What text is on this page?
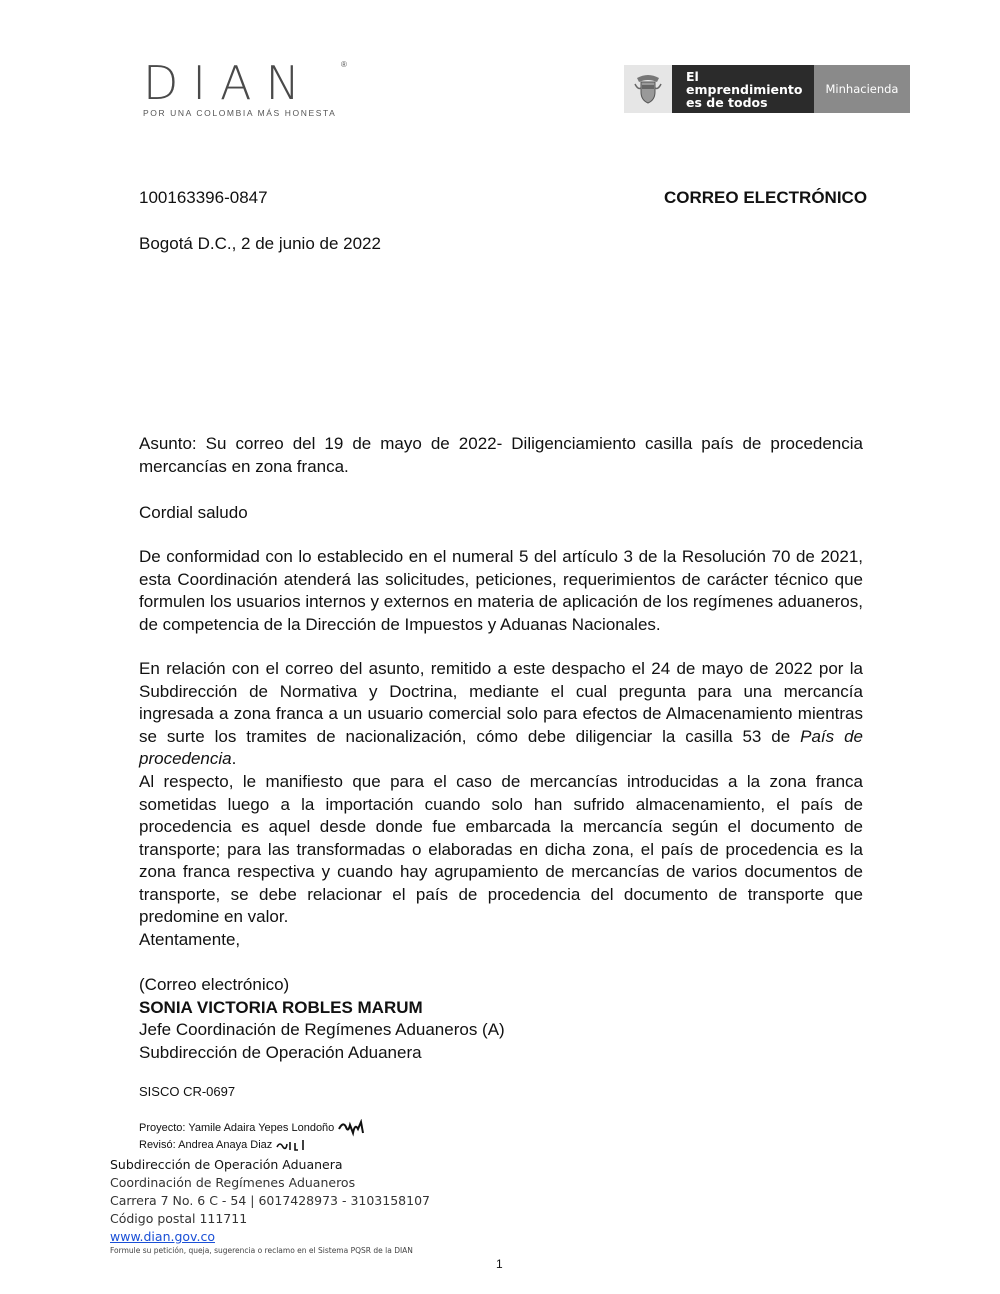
DIAN	®
POR UNA COLOMBIA MÁS HONESTA
El emprendimiento
es de todos
Minhacienda
100163396-0847	CORREO ELECTRÓNICO
Bogotá D.C., 2 de junio de 2022
Asunto: Su correo del 19 de mayo de 2022- Diligenciamiento casilla país de procedencia mercancías en zona franca.
Cordial saludo
De conformidad con lo establecido en el numeral 5 del artículo 3 de la Resolución 70 de 2021, esta Coordinación atenderá las solicitudes, peticiones, requerimientos de carácter técnico que formulen los usuarios internos y externos en materia de aplicación de los regímenes aduaneros, de competencia de la Dirección de Impuestos y Aduanas Nacionales.
En relación con el correo del asunto, remitido a este despacho el 24 de mayo de 2022 por la Subdirección de Normativa y Doctrina, mediante el cual pregunta para una mercancía ingresada a zona franca a un usuario comercial solo para efectos de Almacenamiento mientras se surte los tramites de nacionalización, cómo debe diligenciar la casilla 53 de País de procedencia.
Al respecto, le manifiesto que para el caso de mercancías introducidas a la zona franca sometidas luego a la importación cuando solo han sufrido almacenamiento, el país de procedencia es aquel desde donde fue embarcada la mercancía según el documento de transporte; para las transformadas o elaboradas en dicha zona, el país de procedencia es la zona franca respectiva y cuando hay agrupamiento de mercancías de varios documentos de transporte, se debe relacionar el país de procedencia del documento de transporte que predomine en valor.
Atentamente,
(Correo electrónico)
SONIA VICTORIA ROBLES MARUM
Jefe Coordinación de Regímenes Aduaneros (A)
Subdirección de Operación Aduanera
SISCO CR-0697
Proyecto: Yamile Adaira Yepes Londoño
Revisó: Andrea Anaya Diaz
Subdirección de Operación Aduanera
Coordinación de Regímenes Aduaneros
Carrera 7 No. 6 C - 54 | 6017428973 - 3103158107
Código postal 111711
www.dian.gov.co
Formule su petición, queja, sugerencia o reclamo en el Sistema PQSR de la DIAN
1
